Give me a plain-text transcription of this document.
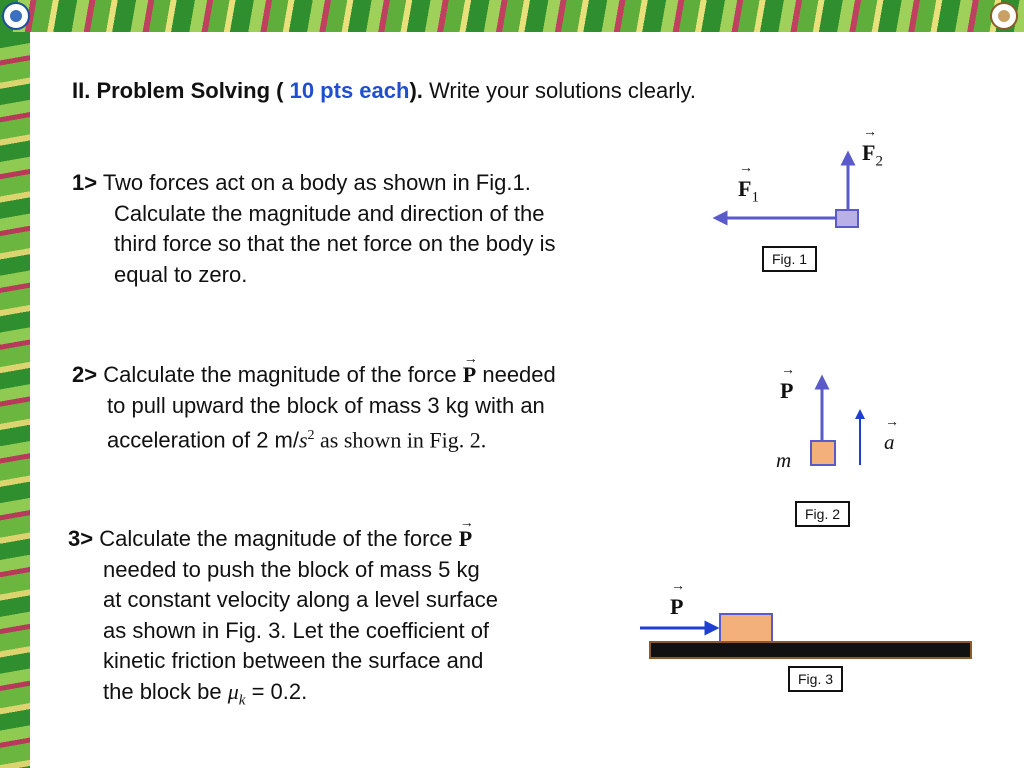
II. Problem Solving ( 10 pts each). Write your solutions clearly.
1> Two forces act on a body as shown in Fig.1.
Calculate the magnitude and direction of the
third force so that the net force on the body is
equal to zero.
2> Calculate the magnitude of the force → P needed
to pull upward the block of mass 3 kg with an
acceleration of 2 $m/s^2$ as shown in Fig. 2.
3> Calculate the magnitude of the force → P
needed to push the block of mass 5 kg
at constant velocity along a level surface
as shown in Fig. 3. Let the coefficient of
kinetic friction between the surface and
the block be $\mu_k = 0.2$.
→ $F_1$
→ $F_2$
Fig. 1
→ P
→ a
m
Fig. 2
→ P
Fig. 3
